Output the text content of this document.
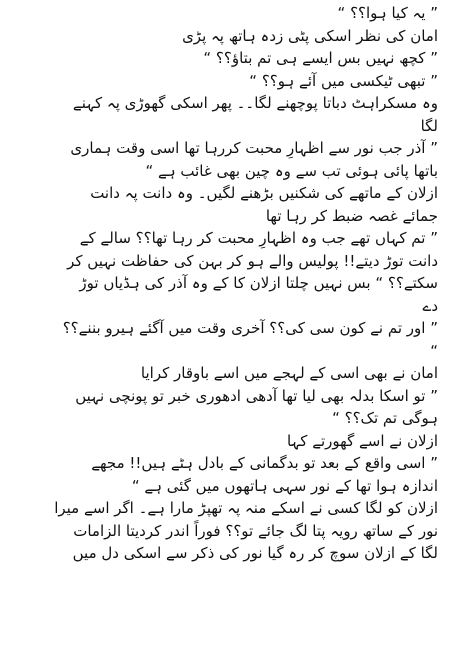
” یہ کیا ہوا؟؟ “
امان کی نظر اسکی پٹی زدہ ہاتھ پہ پڑی
” کچھ نہیں بس ایسے ہی تم بتاؤ؟؟ “
” تبھی ٹیکسی میں آئے ہو؟؟ “
وہ مسکراہٹ دباتا پوچھنے لگا۔۔ پھر اسکی گھوڑی پہ کہنے
لگا
” آذر جب نور سے اظہارِ محبت کررہا تھا اسی وقت ہماری
باتھا پائی ہوئی تب سے وہ چین بھی غائب ہے “
ازلان کے ماتھے کی شکنیں بڑھنے لگیں۔ وہ دانت پہ دانت
جمائے غصہ ضبط کر رہا تھا
” تم کہاں تھے جب وہ اظہارِ محبت کر رہا تھا؟؟ سالے کے
دانت توڑ دیتے!! پولیس والے ہو کر بہن کی حفاظت نہیں کر
سکتے؟؟ “ بس نہیں چلتا ازلان کا کے وہ آذر کی ہڈیاں توڑ
دے
” اور تم نے کون سی کی؟؟ آخری وقت میں آگئے ہیرو بننے؟؟
“
امان نے بھی اسی کے لہجے میں اسے باوقار کرایا
” تو اسکا بدلہ بھی لیا تھا آدھی ادھوری خبر تو پونچی نہیں
ہوگی تم تک؟؟ “
ازلان نے اسے گھورتے کہا
” اسی واقع کے بعد تو بدگمانی کے بادل ہٹے ہیں!! مجھے
اندازہ ہوا تھا کے نور سہی ہاتھوں میں گئی ہے “
ازلان کو لگا کسی نے اسکے منہ پہ تھپڑ مارا ہے۔ اگر اسے میرا
نور کے ساتھ رویہ پتا لگ جائے تو؟؟ فوراً اندر کردیتا الزامات
لگا کے ازلان سوچ کر رہ گیا نور کی ذکر سے اسکی دل میں
